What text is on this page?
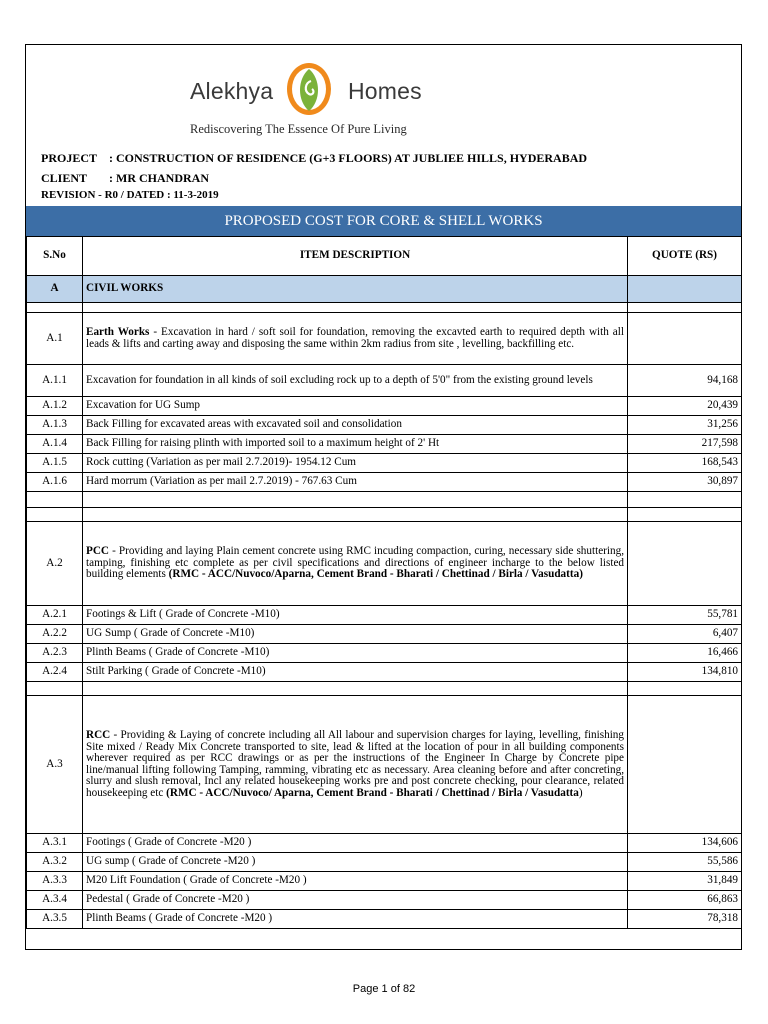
Alekhya	Homes
Rediscovering The Essence Of Pure Living
PROJECT : CONSTRUCTION OF RESIDENCE (G+3 FLOORS) AT JUBLIEE HILLS, HYDERABAD
CLIENT : MR CHANDRAN
REVISION - R0 / DATED : 11-3-2019
PROPOSED COST FOR CORE & SHELL WORKS
S.No	ITEM DESCRIPTION	QUOTE (RS)
A	CIVIL WORKS	

A.1	Earth Works - Excavation in hard / soft soil for foundation, removing the excavted earth to required depth with all leads & lifts and carting away and disposing the same within 2km radius from site , levelling, backfilling etc.	
A.1.1	Excavation for foundation in all kinds of soil excluding rock up to a depth of 5'0" from the existing ground levels	94,168
A.1.2	Excavation for UG Sump	20,439
A.1.3	Back Filling for excavated areas with excavated soil and consolidation	31,256
A.1.4	Back Filling for raising plinth with imported soil to a maximum height of 2' Ht	217,598
A.1.5	Rock cutting (Variation as per mail 2.7.2019)- 1954.12 Cum	168,543
A.1.6	Hard morrum (Variation as per mail 2.7.2019) - 767.63 Cum	30,897

A.2	PCC - Providing and laying Plain cement concrete using RMC incuding compaction, curing, necessary side shuttering, tamping, finishing etc complete as per civil specifications and directions of engineer incharge to the below listed building elements (RMC - ACC/Nuvoco/Aparna, Cement Brand - Bharati / Chettinad / Birla / Vasudatta)	
A.2.1	Footings & Lift ( Grade of Concrete -M10)	55,781
A.2.2	UG Sump ( Grade of Concrete -M10)	6,407
A.2.3	Plinth Beams ( Grade of Concrete -M10)	16,466
A.2.4	Stilt Parking ( Grade of Concrete -M10)	134,810

A.3	RCC - Providing & Laying of concrete including all All labour and supervision charges for laying, levelling, finishing Site mixed / Ready Mix Concrete transported to site, lead & lifted at the location of pour in all building components wherever required as per RCC drawings or as per the instructions of the Engineer In Charge by Concrete pipe line/manual lifting following Tamping, ramming, vibrating etc as necessary. Area cleaning before and after concreting, slurry and slush removal, Incl any related housekeeping works pre and post concrete checking, pour clearance, related housekeeping etc (RMC - ACC/Nuvoco/ Aparna, Cement Brand - Bharati / Chettinad / Birla / Vasudatta)	
A.3.1	Footings ( Grade of Concrete -M20 )	134,606
A.3.2	UG sump ( Grade of Concrete -M20 )	55,586
A.3.3	M20 Lift Foundation ( Grade of Concrete -M20 )	31,849
A.3.4	Pedestal ( Grade of Concrete -M20 )	66,863
A.3.5	Plinth Beams ( Grade of Concrete -M20 )	78,318
Page 1 of 82
